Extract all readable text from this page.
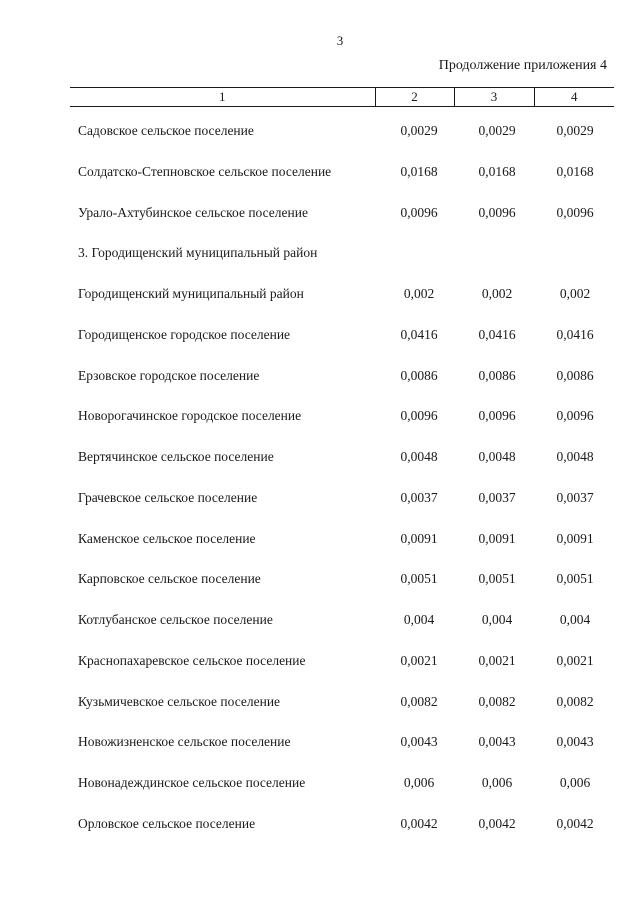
3
Продолжение приложения 4
1	2	3	4
Садовское сельское поселение	0,0029	0,0029	0,0029
Солдатско-Степновское сельское поселение	0,0168	0,0168	0,0168
Урало-Ахтубинское сельское поселение	0,0096	0,0096	0,0096
3. Городищенский муниципальный район
Городищенский муниципальный район	0,002	0,002	0,002
Городищенское городское поселение	0,0416	0,0416	0,0416
Ерзовское городское поселение	0,0086	0,0086	0,0086
Новорогачинское городское поселение	0,0096	0,0096	0,0096
Вертячинское сельское поселение	0,0048	0,0048	0,0048
Грачевское сельское поселение	0,0037	0,0037	0,0037
Каменское сельское поселение	0,0091	0,0091	0,0091
Карповское сельское поселение	0,0051	0,0051	0,0051
Котлубанское сельское поселение	0,004	0,004	0,004
Краснопахаревское сельское поселение	0,0021	0,0021	0,0021
Кузьмичевское сельское поселение	0,0082	0,0082	0,0082
Новожизненское сельское поселение	0,0043	0,0043	0,0043
Новонадеждинское сельское поселение	0,006	0,006	0,006
Орловское сельское поселение	0,0042	0,0042	0,0042
